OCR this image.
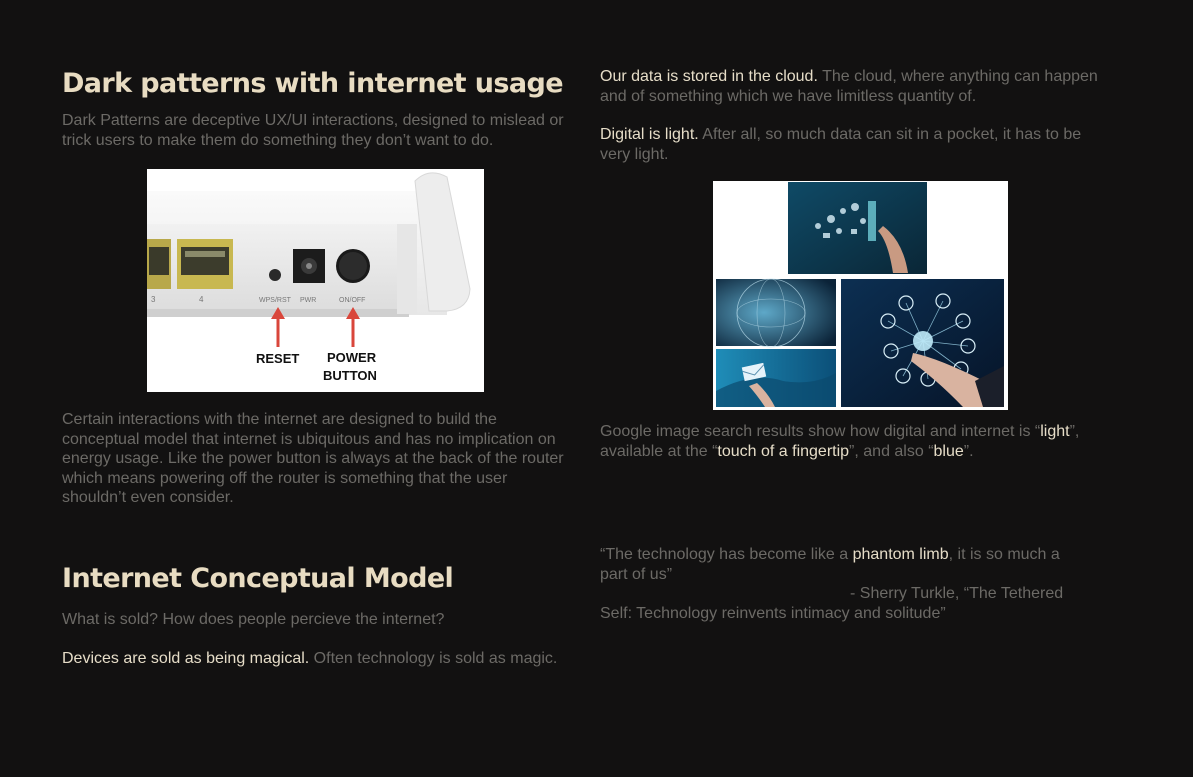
Dark patterns with internet usage

Dark Patterns are deceptive UX/UI interactions, designed to mislead or trick users to make them do something they don’t want to do.

3	4	WPS/RST PWR	ON/OFF
RESET POWER
BUTTON

Certain interactions with the internet are designed to build the conceptual model that internet is ubiquitous and has no implication on energy usage. Like the power button is always at the back of the router which means powering off the router is something that the user shouldn’t even consider.

Internet Conceptual Model

What is sold? How does people percieve the internet?

Devices are sold as being magical. Often technology is sold as magic.

Our data is stored in the cloud. The cloud, where anything can happen and of something which we have limitless quantity of.

Digital is light. After all, so much data can sit in a pocket, it has to be very light.

Google image search results show how digital and internet is “light”, available at the “touch of a fingertip”, and also “blue”.

“The technology has become like a phantom limb, it is so much a part of us”

- Sherry Turkle, “The Tethered Self: Technology reinvents intimacy and solitude”
